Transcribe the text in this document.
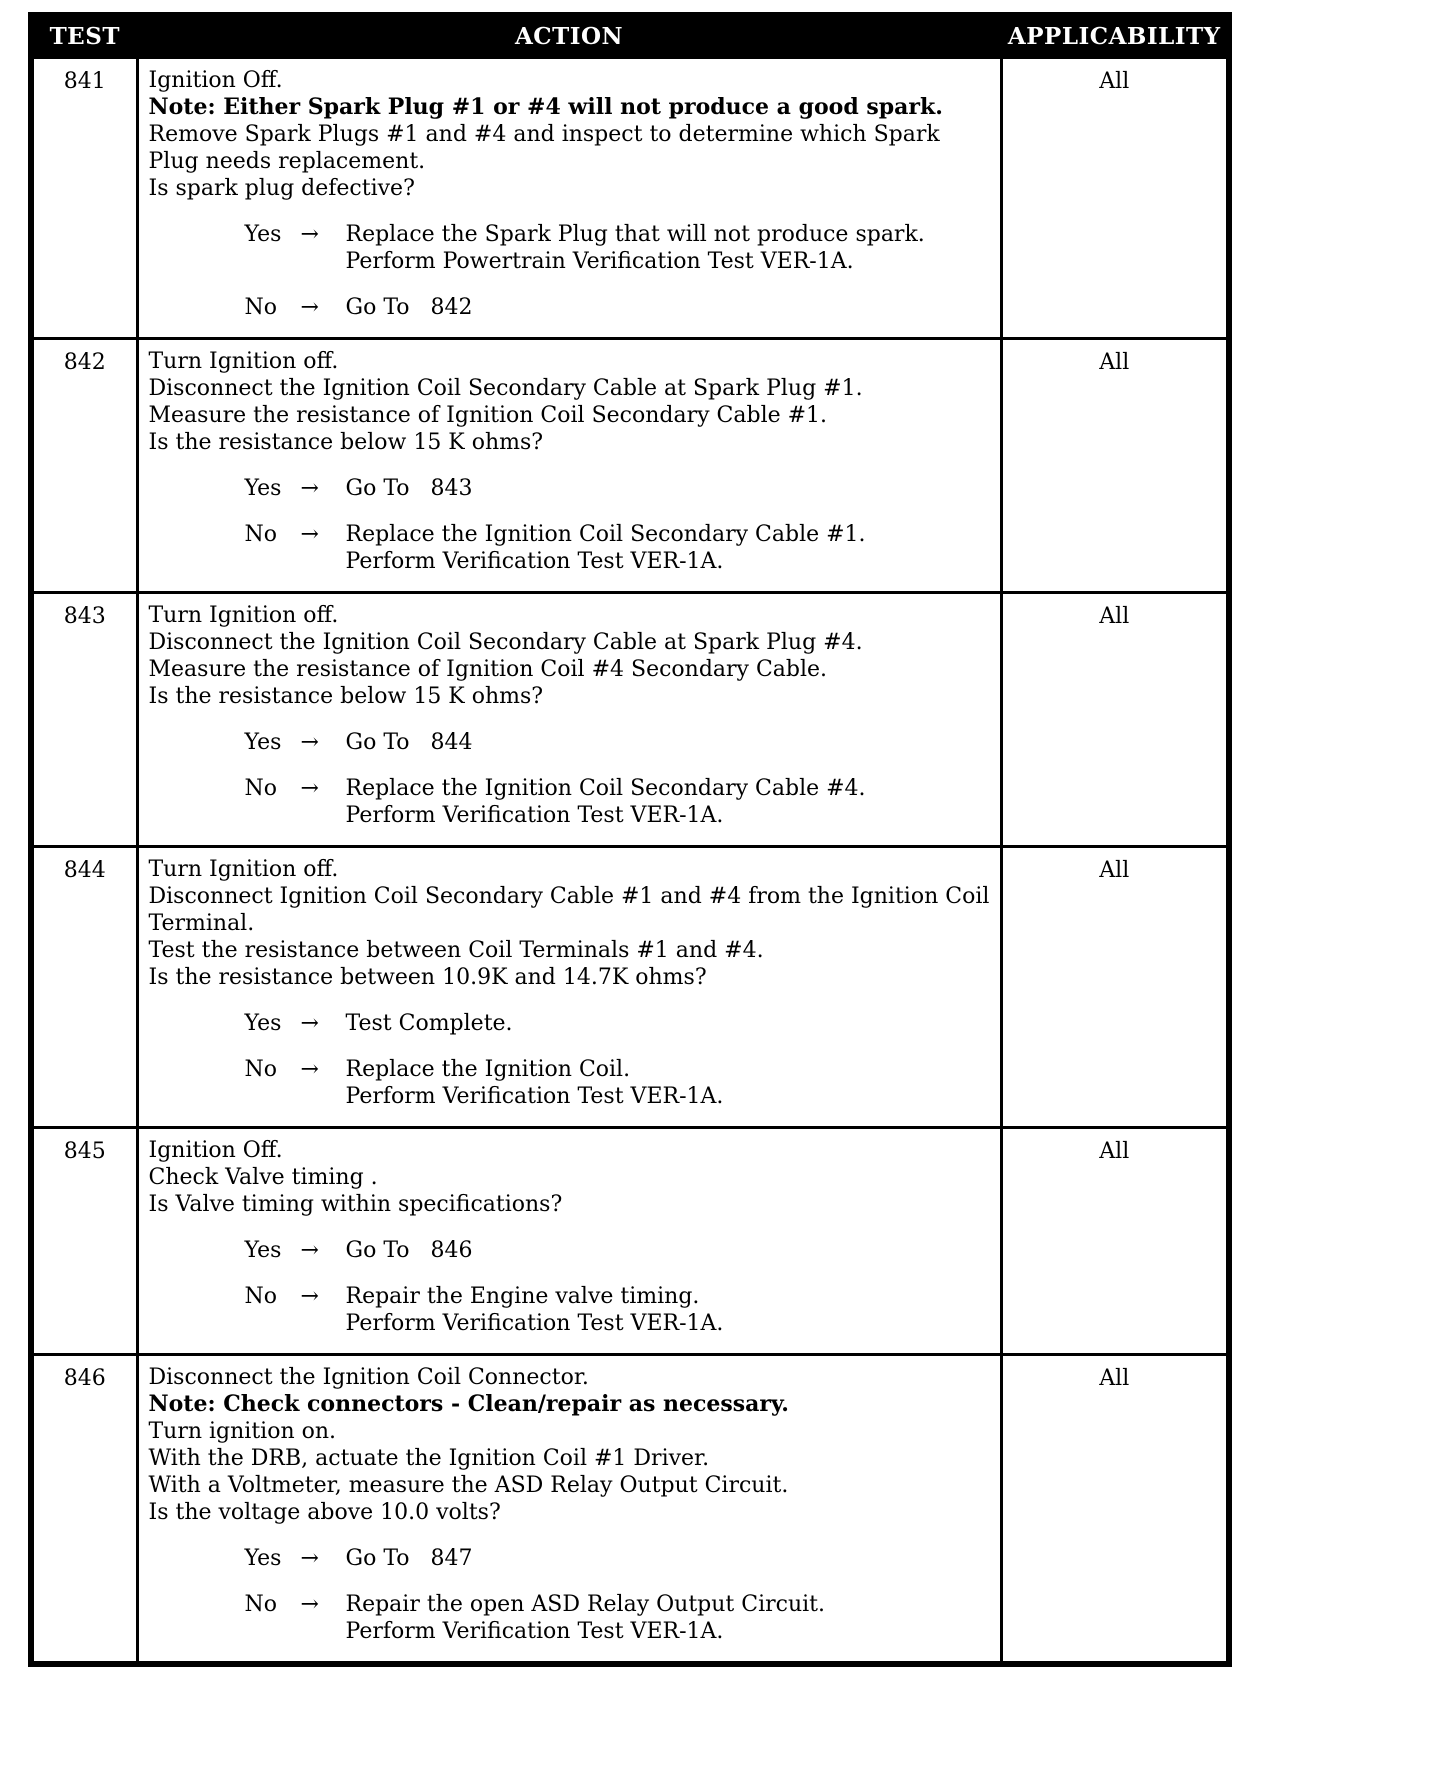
TEST	ACTION	APPLICABILITY
841	Ignition Off.
Note: Either Spark Plug #1 or #4 will not produce a good spark.
Remove Spark Plugs #1 and #4 and inspect to determine which Spark Plug needs replacement.
Is spark plug defective?
Yes →	Replace the Spark Plug that will not produce spark.
Perform Powertrain Verification Test VER-1A.
No	→	Go To   842
	All
842	Turn Ignition off.
Disconnect the Ignition Coil Secondary Cable at Spark Plug #1.
Measure the resistance of Ignition Coil Secondary Cable #1.
Is the resistance below 15 K ohms?
Yes →	Go To   843
No	→	Replace the Ignition Coil Secondary Cable #1.
Perform Verification Test VER-1A.
	All
843	Turn Ignition off.
Disconnect the Ignition Coil Secondary Cable at Spark Plug #4.
Measure the resistance of Ignition Coil #4 Secondary Cable.
Is the resistance below 15 K ohms?
Yes →	Go To   844
No	→	Replace the Ignition Coil Secondary Cable #4.
Perform Verification Test VER-1A.
	All
844	Turn Ignition off.
Disconnect Ignition Coil Secondary Cable #1 and #4 from the Ignition Coil Terminal.
Test the resistance between Coil Terminals #1 and #4.
Is the resistance between 10.9K and 14.7K ohms?
Yes →	Test Complete.
No	→	Replace the Ignition Coil.
Perform Verification Test VER-1A.
	All
845	Ignition Off.
Check Valve timing .
Is Valve timing within specifications?
Yes →	Go To   846
No	→	Repair the Engine valve timing.
Perform Verification Test VER-1A.
	All
846	Disconnect the Ignition Coil Connector.
Note: Check connectors - Clean/repair as necessary.
Turn ignition on.
With the DRB, actuate the Ignition Coil #1 Driver.
With a Voltmeter, measure the ASD Relay Output Circuit.
Is the voltage above 10.0 volts?
Yes →	Go To   847
No	→	Repair the open ASD Relay Output Circuit.
Perform Verification Test VER-1A.
	All
